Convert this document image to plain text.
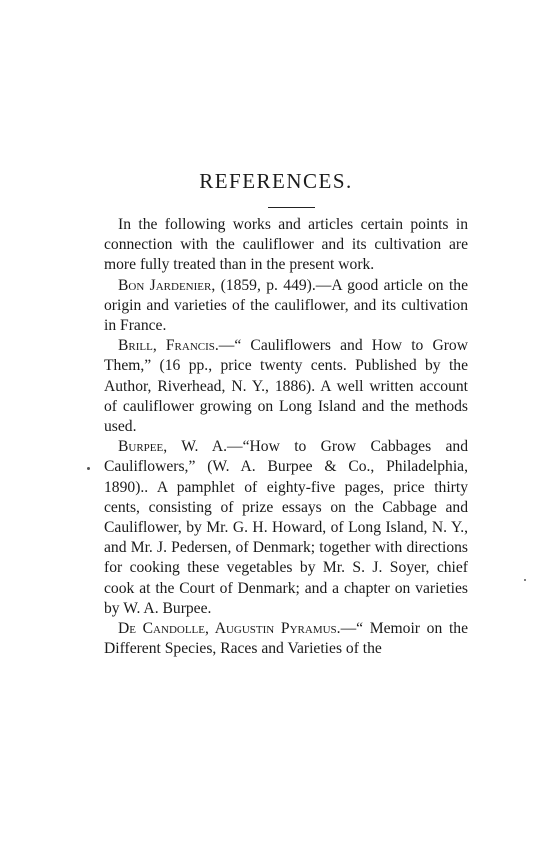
REFERENCES.

In the following works and articles certain points in connection with the cauliflower and its cultivation are more fully treated than in the present work.

Bon Jardenier, (1859, p. 449).—A good article on the origin and varieties of the cauliflower, and its cultivation in France.

Brill, Francis.—“ Cauliflowers and How to Grow Them,” (16 pp., price twenty cents. Published by the Author, Riverhead, N. Y., 1886). A well written account of cauliflower growing on Long Island and the methods used.

Burpee, W. A.—“How to Grow Cabbages and Cauliflowers,” (W. A. Burpee & Co., Philadelphia, 1890).. A pamphlet of eighty-five pages, price thirty cents, consisting of prize essays on the Cabbage and Cauliflower, by Mr. G. H. Howard, of Long Island, N. Y., and Mr. J. Pedersen, of Denmark; together with directions for cooking these vegetables by Mr. S. J. Soyer, chief cook at the Court of Denmark; and a chapter on varieties by W. A. Burpee.

De Candolle, Augustin Pyramus.—“ Memoir on the Different Species, Races and Varieties of the
